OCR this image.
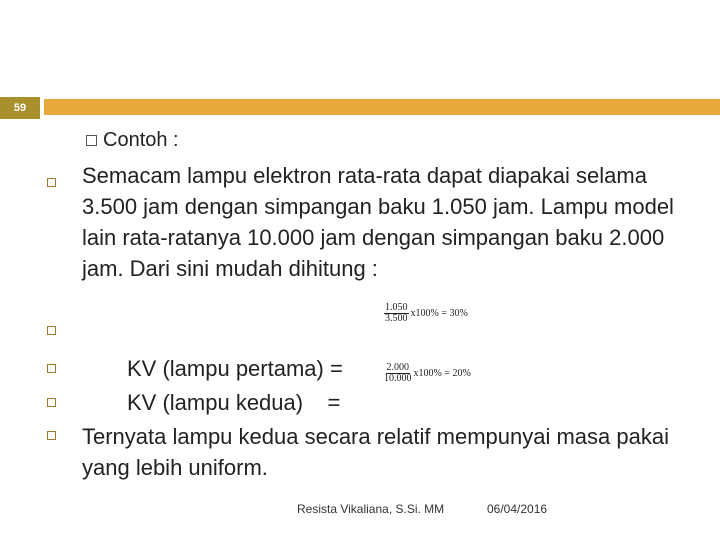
59
Contoh :
Semacam lampu elektron rata-rata dapat diapakai selama 3.500 jam dengan simpangan baku 1.050 jam. Lampu model lain rata-ratanya 10.000 jam dengan simpangan baku 2.000 jam. Dari sini mudah dihitung :
$\frac{1.050}{3.500} x100\% = 30\%$
KV (lampu pertama) =	$\frac{2.000}{10.000} x100\% = 20\%$
KV (lampu kedua)    =
Ternyata lampu kedua secara relatif mempunyai masa pakai yang lebih uniform.
Resista Vikaliana, S.Si. MM	06/04/2016
